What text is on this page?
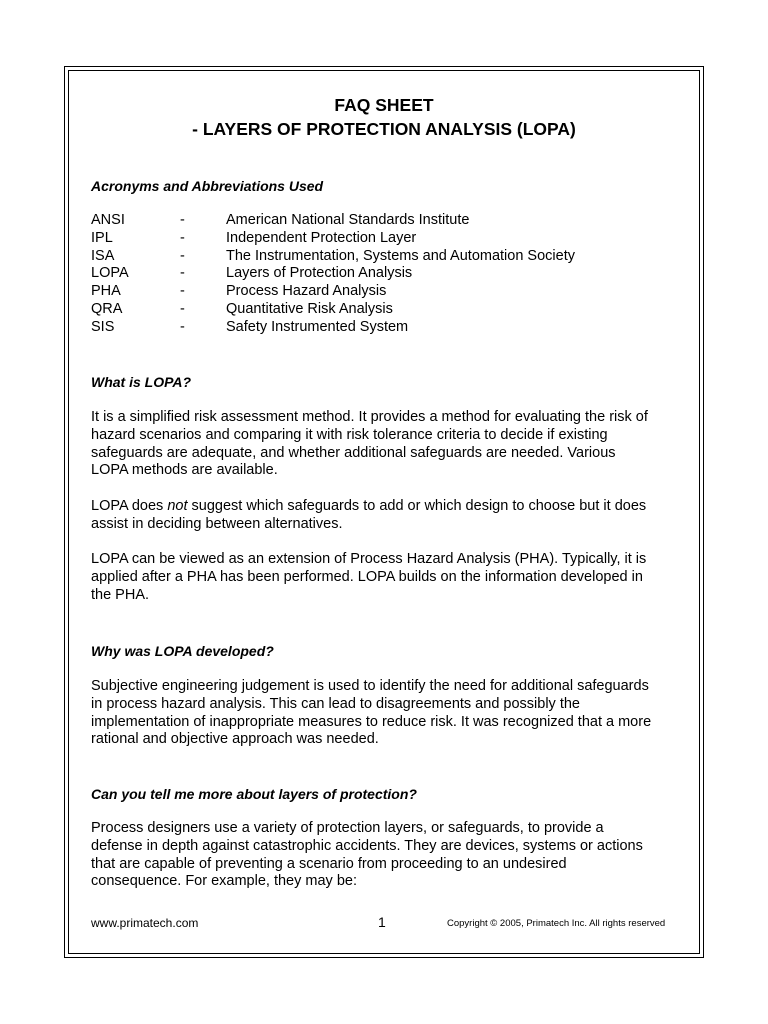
FAQ SHEET
- LAYERS OF PROTECTION ANALYSIS (LOPA)
Acronyms and Abbreviations Used
ANSI	-	American National Standards Institute
IPL	-	Independent Protection Layer
ISA	-	The Instrumentation, Systems and Automation Society
LOPA	-	Layers of Protection Analysis
PHA	-	Process Hazard Analysis
QRA	-	Quantitative Risk Analysis
SIS	-	Safety Instrumented System
What is LOPA?
It is a simplified risk assessment method. It provides a method for evaluating the risk of
hazard scenarios and comparing it with risk tolerance criteria to decide if existing
safeguards are adequate, and whether additional safeguards are needed. Various
LOPA methods are available.
LOPA does not suggest which safeguards to add or which design to choose but it does
assist in deciding between alternatives.
LOPA can be viewed as an extension of Process Hazard Analysis (PHA). Typically, it is
applied after a PHA has been performed. LOPA builds on the information developed in
the PHA.
Why was LOPA developed?
Subjective engineering judgement is used to identify the need for additional safeguards
in process hazard analysis. This can lead to disagreements and possibly the
implementation of inappropriate measures to reduce risk. It was recognized that a more
rational and objective approach was needed.
Can you tell me more about layers of protection?
Process designers use a variety of protection layers, or safeguards, to provide a
defense in depth against catastrophic accidents. They are devices, systems or actions
that are capable of preventing a scenario from proceeding to an undesired
consequence. For example, they may be:
www.primatech.com	1	Copyright © 2005, Primatech Inc. All rights reserved
